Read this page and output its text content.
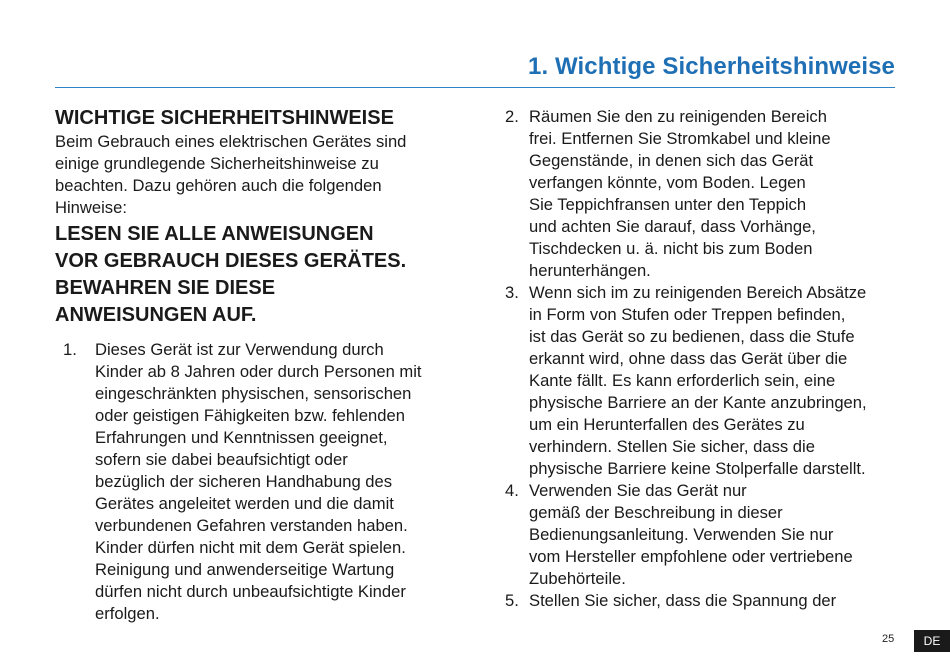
1. Wichtige Sicherheitshinweise
WICHTIGE SICHERHEITSHINWEISE
Beim Gebrauch eines elektrischen Gerätes sind
einige grundlegende Sicherheitshinweise zu
beachten. Dazu gehören auch die folgenden
Hinweise:
LESEN SIE ALLE ANWEISUNGEN
VOR GEBRAUCH DIESES GERÄTES.
BEWAHREN SIE DIESE
ANWEISUNGEN AUF.
1. Dieses Gerät ist zur Verwendung durch
Kinder ab 8 Jahren oder durch Personen mit
eingeschränkten physischen, sensorischen
oder geistigen Fähigkeiten bzw. fehlenden
Erfahrungen und Kenntnissen geeignet,
sofern sie dabei beaufsichtigt oder
bezüglich der sicheren Handhabung des
Gerätes angeleitet werden und die damit
verbundenen Gefahren verstanden haben.
Kinder dürfen nicht mit dem Gerät spielen.
Reinigung und anwenderseitige Wartung
dürfen nicht durch unbeaufsichtigte Kinder
erfolgen.
2. Räumen Sie den zu reinigenden Bereich
frei. Entfernen Sie Stromkabel und kleine
Gegenstände, in denen sich das Gerät
verfangen könnte, vom Boden. Legen
Sie Teppichfransen unter den Teppich
und achten Sie darauf, dass Vorhänge,
Tischdecken u. ä. nicht bis zum Boden
herunterhängen.
3. Wenn sich im zu reinigenden Bereich Absätze
in Form von Stufen oder Treppen befinden,
ist das Gerät so zu bedienen, dass die Stufe
erkannt wird, ohne dass das Gerät über die
Kante fällt. Es kann erforderlich sein, eine
physische Barriere an der Kante anzubringen,
um ein Herunterfallen des Gerätes zu
verhindern. Stellen Sie sicher, dass die
physische Barriere keine Stolperfalle darstellt.
4. Verwenden Sie das Gerät nur
gemäß der Beschreibung in dieser
Bedienungsanleitung. Verwenden Sie nur
vom Hersteller empfohlene oder vertriebene
Zubehörteile.
5. Stellen Sie sicher, dass die Spannung der
25	DE
